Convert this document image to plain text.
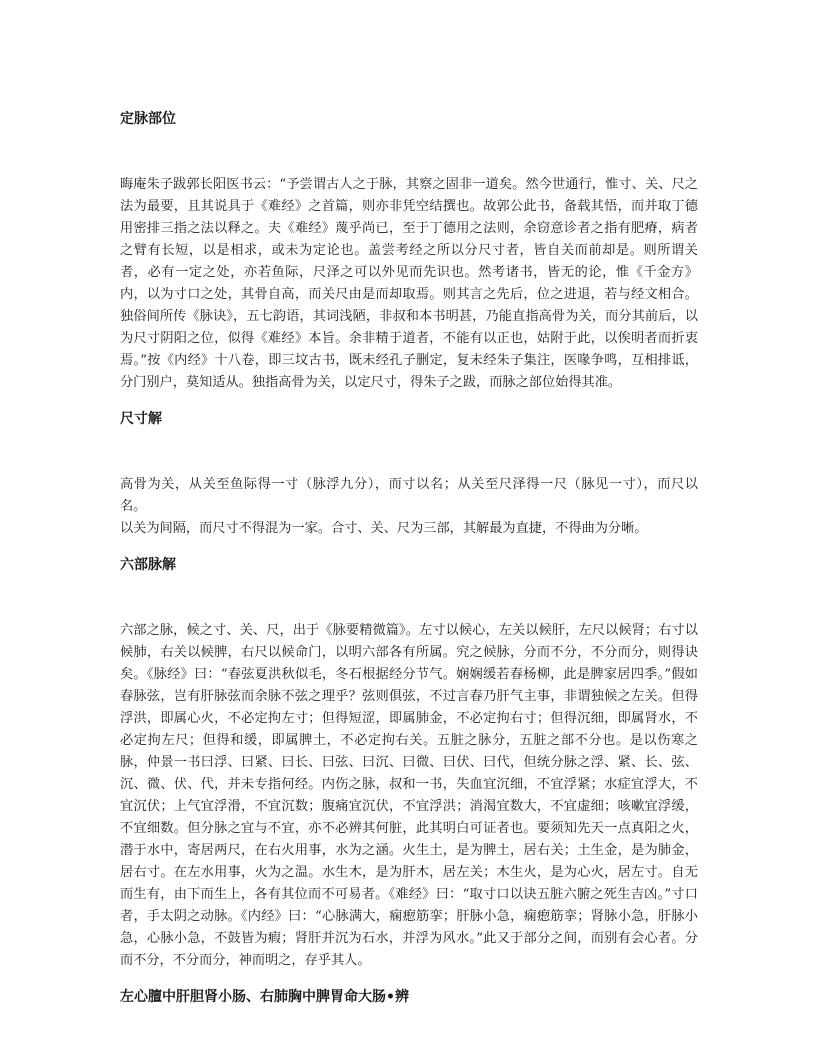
定脉部位

晦庵朱子跋郭长阳医书云：“予尝谓古人之于脉，其察之固非一道矣。然今世通行，惟寸、关、尺之法为最要，且其说具于《难经》之首篇，则亦非凭空结撰也。故郭公此书，备载其悟，而并取丁德用密排三指之法以释之。夫《难经》蔑乎尚已，至于丁德用之法则，余窃意诊者之指有肥瘠，病者之臂有长短，以是相求，或未为定论也。盖尝考经之所以分尺寸者，皆自关而前却是。则所谓关者，必有一定之处，亦若鱼际，尺泽之可以外见而先识也。然考诸书，皆无的论，惟《千金方》内，以为寸口之处，其骨自高，而关尺由是而却取焉。则其言之先后，位之进退，若与经文相合。独俗间所传《脉诀》，五七韵语，其词浅陋，非叔和本书明甚，乃能直指高骨为关，而分其前后，以为尺寸阴阳之位，似得《难经》本旨。余非精于道者，不能有以正也，姑附于此，以俟明者而折衷焉。”按《内经》十八卷，即三坟古书，既未经孔子删定，复未经朱子集注，医喙争鸣，互相排诋，分门别户，莫知适从。独指高骨为关，以定尺寸，得朱子之跋，而脉之部位始得其准。

尺寸解

高骨为关，从关至鱼际得一寸（脉浮九分），而寸以名；从关至尺泽得一尺（脉见一寸），而尺以名。

以关为间隔，而尺寸不得混为一家。合寸、关、尺为三部，其解最为直捷，不得曲为分晰。

六部脉解

六部之脉，候之寸、关、尺，出于《脉要精微篇》。左寸以候心，左关以候肝，左尺以候肾；右寸以候肺，右关以候脾，右尺以候命门，以明六部各有所属。究之候脉，分而不分，不分而分，则得诀矣。《脉经》曰：“春弦夏洪秋似毛，冬石根据经分节气。娴娴缓若春杨柳，此是脾家居四季。”假如春脉弦，岂有肝脉弦而余脉不弦之理乎？弦则俱弦，不过言春乃肝气主事，非谓独候之左关。但得浮洪，即属心火，不必定拘左寸；但得短涩，即属肺金，不必定拘右寸；但得沉细，即属肾水，不必定拘左尺；但得和缓，即属脾土，不必定拘右关。五脏之脉分，五脏之部不分也。是以伤寒之脉，仲景一书曰浮、曰紧、曰长、曰弦、曰沉、曰微、曰伏、曰代，但统分脉之浮、紧、长、弦、沉、微、伏、代，并未专指何经。内伤之脉，叔和一书，失血宜沉细，不宜浮紧；水症宜浮大，不宜沉伏；上气宜浮滑，不宜沉数；腹痛宜沉伏，不宜浮洪；消渴宜数大，不宜虚细；咳嗽宜浮缓，不宜细数。但分脉之宜与不宜，亦不必辨其何脏，此其明白可证者也。要须知先天一点真阳之火，潜于水中，寄居两尺，在右火用事，水为之涵。火生土，是为脾土，居右关；土生金，是为肺金，居右寸。在左水用事，火为之温。水生木，是为肝木，居左关；木生火，是为心火，居左寸。自无而生有，由下而生上，各有其位而不可易者。《难经》曰：“取寸口以诀五脏六腑之死生吉凶。”寸口者，手太阴之动脉。《内经》曰：“心脉满大，痫瘛筋挛；肝脉小急，痫瘛筋挛；肾脉小急，肝脉小急，心脉小急，不鼓皆为瘕；肾肝并沉为石水，并浮为风水。”此又于部分之间，而别有会心者。分而不分，不分而分，神而明之，存乎其人。

左心膻中肝胆肾小肠、右肺胸中脾胃命大肠•辨
